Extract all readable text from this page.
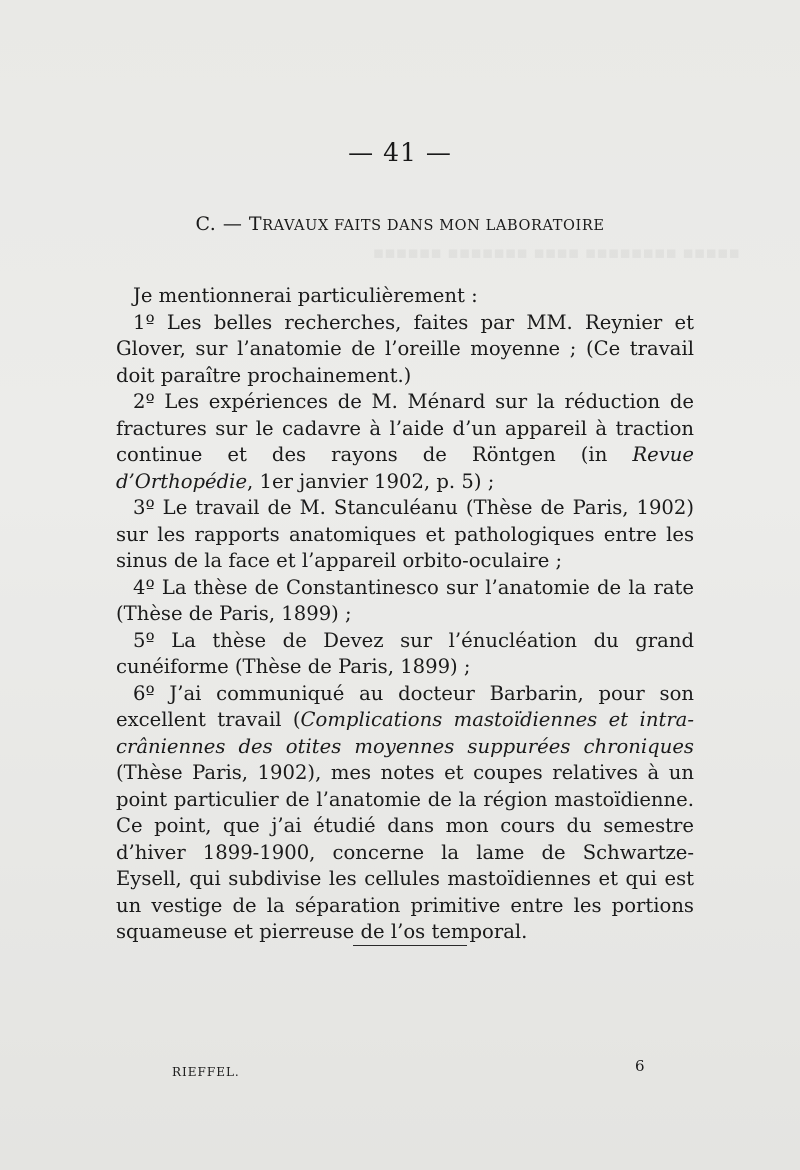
▪▪▪▪▪ ▪▪▪▪▪▪▪▪ ▪▪▪▪ ▪▪▪▪▪▪▪ ▪▪▪▪▪▪
— 41 —
C. — TRAVAUX FAITS DANS MON LABORATOIRE

Je mentionnerai particulièrement :

1º Les belles recherches, faites par MM. Reynier et Glover, sur l’anatomie de l’oreille moyenne ; (Ce travail doit paraître prochainement.)

2º Les expériences de M. Ménard sur la réduction de fractures sur le cadavre à l’aide d’un appareil à traction continue et des rayons de Röntgen (in Revue d’Orthopédie, 1er janvier 1902, p. 5) ;

3º Le travail de M. Stanculéanu (Thèse de Paris, 1902) sur les rapports anatomiques et pathologiques entre les sinus de la face et l’appareil orbito-oculaire ;

4º La thèse de Constantinesco sur l’anatomie de la rate (Thèse de Paris, 1899) ;

5º La thèse de Devez sur l’énucléation du grand cunéiforme (Thèse de Paris, 1899) ;

6º J’ai communiqué au docteur Barbarin, pour son excellent travail (Complications mastoïdiennes et intra-crâniennes des otites moyennes suppurées chroniques (Thèse Paris, 1902), mes notes et coupes relatives à un point particulier de l’anatomie de la région mastoïdienne. Ce point, que j’ai étudié dans mon cours du semestre d’hiver 1899-1900, concerne la lame de Schwartze-Eysell, qui subdivise les cellules mastoïdiennes et qui est un vestige de la séparation primitive entre les portions squameuse et pierreuse de l’os temporal.

RIEFFEL.	6
